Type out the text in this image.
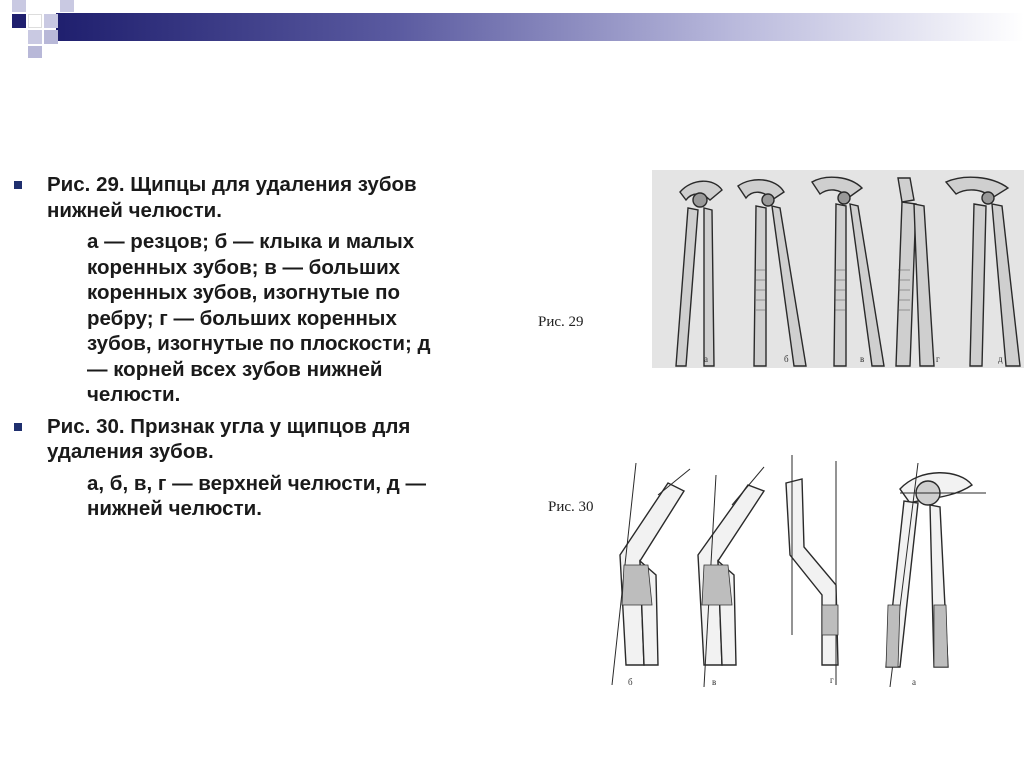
Рис. 29. Щипцы для удаления зубов нижней челюсти.
а — резцов; б — клыка и малых коренных зубов; в — больших коренных зубов, изогнутые по ребру; г — больших коренных зубов, изогнутые по плоскости; д — корней всех зубов нижней челюсти.
Рис. 30. Признак угла у щипцов для удаления зубов.
а, б, в, г — верхней челюсти, д — нижней челюсти.
Рис. 29
а	б	в	г	д
Рис. 30
б	в	г	а
